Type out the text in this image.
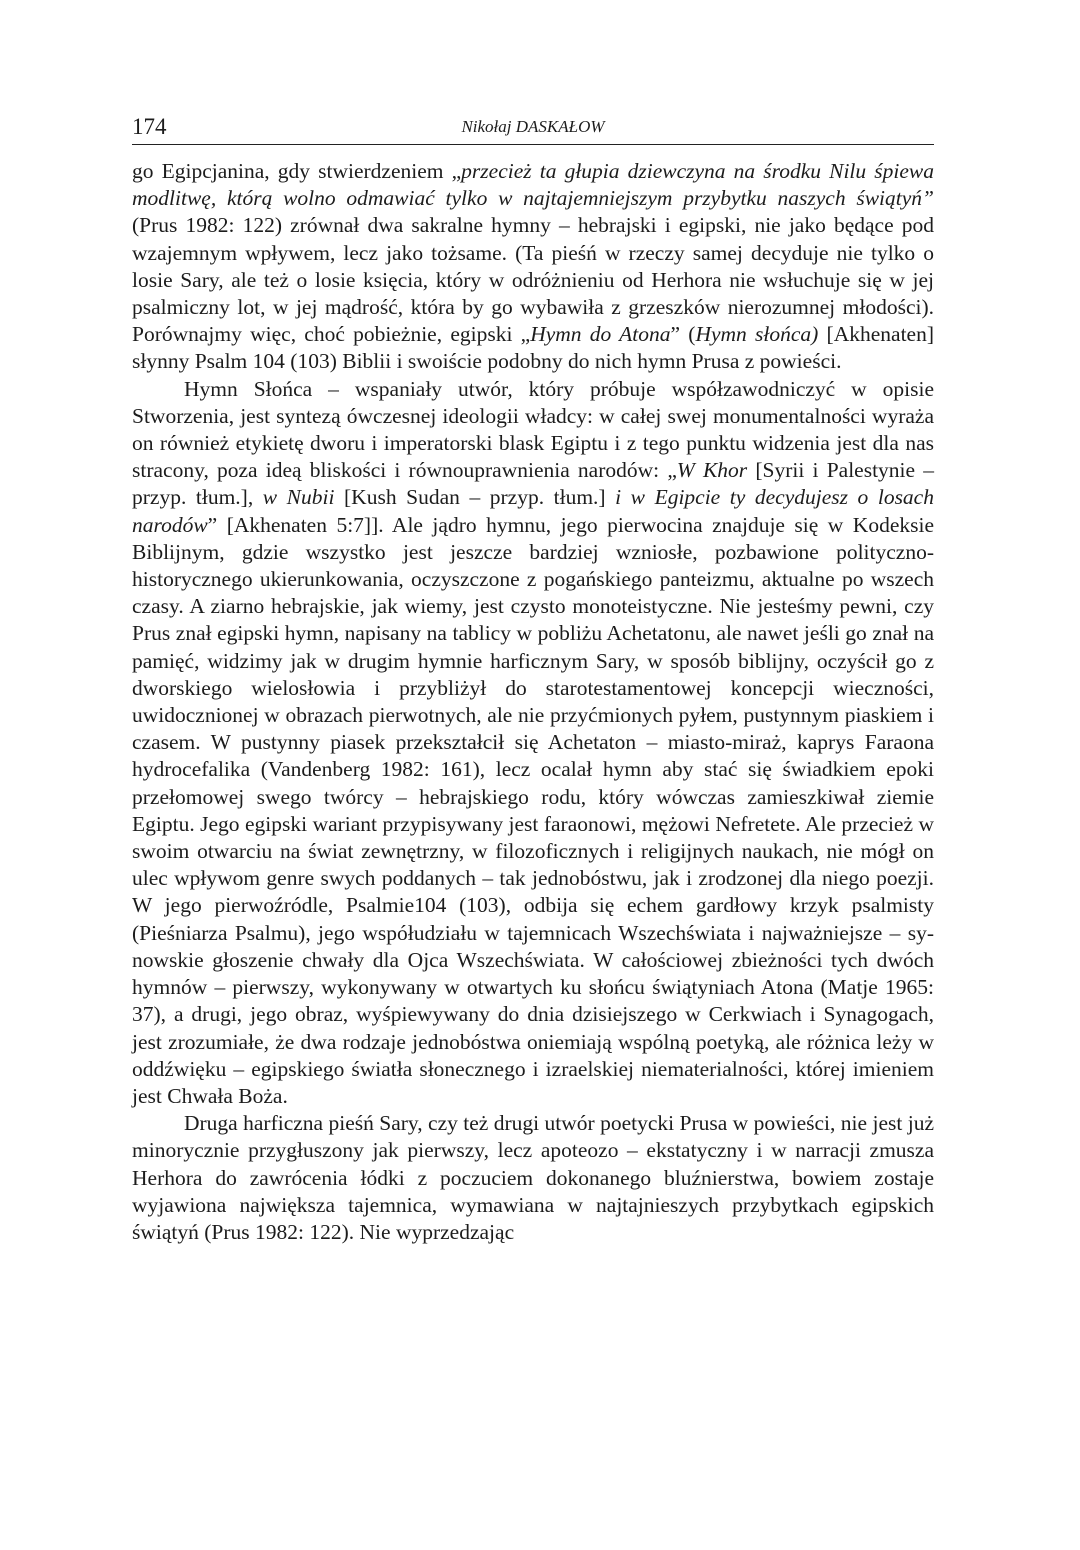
174	Nikołaj DASKAŁOW

go Egipcjanina, gdy stwierdzeniem „przecież ta głupia dziewczyna na środku Nilu śpiewa modlitwę, którą wolno odmawiać tylko w najtajemniejszym przybytku naszych świątyń” (Prus 1982: 122) zrównał dwa sakralne hymny – hebrajski i egipski, nie jako będące pod wzajemnym wpływem, lecz jako tożsame. (Ta pieśń w rzeczy samej decyduje nie tylko o losie Sary, ale też o losie księcia, który w odróżnieniu od Herhora nie wsłuchuje się w jej psalmiczny lot, w jej mądrość, która by go wybawiła z grzeszków nierozumnej młodości). Porównajmy więc, choć pobieżnie, egipski „Hymn do Atona” (Hymn słońca) [Akhenaten] słynny Psalm 104 (103) Biblii i swoiście podobny do nich hymn Prusa z powieści.

Hymn Słońca – wspaniały utwór, który próbuje współzawodniczyć w opisie Stworzenia, jest syntezą ówczesnej ideologii władcy: w całej swej monumentalności wyraża on również etykietę dworu i imperatorski blask Egiptu i z tego punktu widzenia jest dla nas stracony, poza ideą bliskości i równouprawnienia narodów: „W Khor [Syrii i Palestynie – przyp. tłum.], w Nubii [Kush Sudan – przyp. tłum.] i w Egipcie ty decydujesz o losach narodów” [Akhenaten 5:7]]. Ale jądro hymnu, jego pierwocina znajduje się w Kodeksie Biblijnym, gdzie wszystko jest jeszcze bardziej wzniosłe, pozbawione polityczno-historycznego ukierunkowania, oczyszczone z pogańskiego panteizmu, aktualne po wszech czasy. A ziarno hebrajskie, jak wiemy, jest czysto monoteistyczne. Nie jesteśmy pewni, czy Prus znał egipski hymn, napisany na tablicy w pobliżu Achetatonu, ale nawet jeśli go znał na pamięć, widzimy jak w drugim hymnie harficznym Sary, w sposób biblijny, oczyścił go z dworskiego wielosłowia i przybliżył do starotestamentowej koncepcji wieczności, uwidocznionej w obrazach pierwotnych, ale nie przyćmionych pyłem, pustynnym piaskiem i czasem. W pustynny piasek przekształcił się Achetaton – miasto-miraż, kaprys Faraona hydrocefalika (Vandenberg 1982: 161), lecz ocalał hymn aby stać się świadkiem epoki przełomowej swego twórcy – hebrajskiego rodu, który wówczas zamieszkiwał ziemie Egiptu. Jego egipski wariant przypisywany jest faraonowi, mężowi Nefretete. Ale przecież w swoim otwarciu na świat zewnętrzny, w filozoficznych i religijnych naukach, nie mógł on ulec wpływom genre swych poddanych – tak jednobóstwu, jak i zrodzonej dla niego poezji. W jego pierwoźródle, Psalmie104 (103), odbija się echem gardłowy krzyk psalmisty (Pieśniarza Psalmu), jego współudziału w tajemnicach Wszechświata i najważniejsze – synowskie głoszenie chwały dla Ojca Wszechświata. W całościowej zbieżności tych dwóch hymnów – pierwszy, wykonywany w otwartych ku słońcu świątyniach Atona (Matje 1965: 37), a drugi, jego obraz, wyśpiewywany do dnia dzisiejszego w Cerkwiach i Synagogach, jest zrozumiałe, że dwa rodzaje jednobóstwa oniemiają wspólną poetyką, ale różnica leży w oddźwięku – egipskiego światła słonecznego i izraelskiej niematerialności, której imieniem jest Chwała Boża.

Druga harficzna pieśń Sary, czy też drugi utwór poetycki Prusa w powieści, nie jest już minorycznie przygłuszony jak pierwszy, lecz apoteozo – ekstatyczny i w narracji zmusza Herhora do zawrócenia łódki z poczuciem dokonanego bluźnierstwa, bowiem zostaje wyjawiona największa tajemnica, wymawiana w najtajnieszych przybytkach egipskich świątyń (Prus 1982: 122). Nie wyprzedzając
